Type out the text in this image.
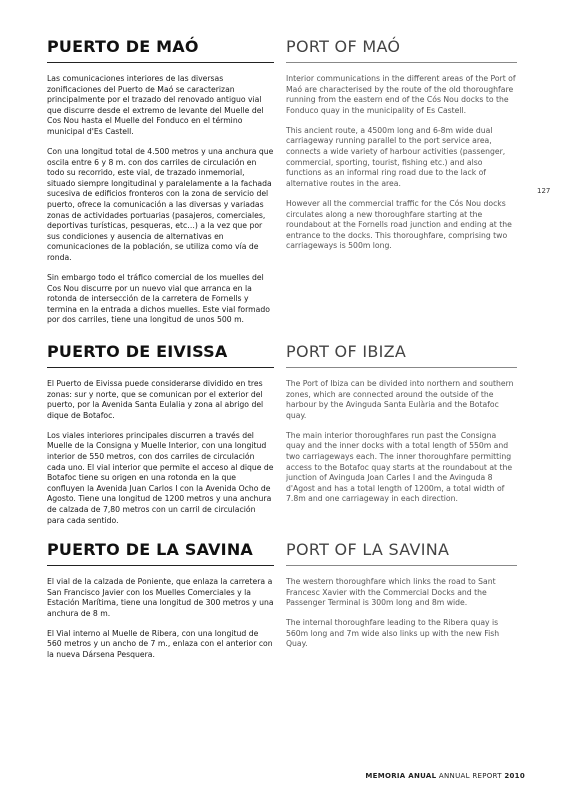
PUERTO DE MAÓ

Las comunicaciones interiores de las diversas zonificaciones del Puerto de Maó se caracterizan principalmente por el trazado del renovado antiguo vial que discurre desde el extremo de levante del Muelle del Cos Nou hasta el Muelle del Fonduco en el término municipal d'Es Castell.

Con una longitud total de 4.500 metros y una anchura que oscila entre 6 y 8 m. con dos carriles de circulación en todo su recorrido, este vial, de trazado inmemorial, situado siempre longitudinal y paralelamente a la fachada sucesiva de edificios fronteros con la zona de servicio del puerto, ofrece la comunicación a las diversas y variadas zonas de actividades portuarias (pasajeros, comerciales, deportivas turísticas, pesqueras, etc…) a la vez que por sus condiciones y ausencia de alternativas en comunicaciones de la población, se utiliza como vía de ronda.

Sin embargo todo el tráfico comercial de los muelles del Cos Nou discurre por un nuevo vial que arranca en la rotonda de intersección de la carretera de Fornells y termina en la entrada a dichos muelles. Este vial formado por dos carriles, tiene una longitud de unos 500 m.

PORT OF MAÓ

Interior communications in the different areas of the Port of Maó are characterised by the route of the old thoroughfare running from the eastern end of the Cós Nou docks to the Fonduco quay in the municipality of Es Castell.

This ancient route, a 4500m long and 6-8m wide dual carriageway running parallel to the port service area, connects a wide variety of harbour activities (passenger, commercial, sporting, tourist, fishing etc.) and also functions as an informal ring road due to the lack of alternative routes in the area.

However all the commercial traffic for the Cós Nou docks circulates along a new thoroughfare starting at the roundabout at the Fornells road junction and ending at the entrance to the docks. This thoroughfare, comprising two carriageways is 500m long.

PUERTO DE EIVISSA

El Puerto de Eivissa puede considerarse dividido en tres zonas: sur y norte, que se comunican por el exterior del puerto, por la Avenida Santa Eulalia y zona al abrigo del dique de Botafoc.

Los viales interiores principales discurren a través del Muelle de la Consigna y Muelle Interior, con una longitud interior de 550 metros, con dos carriles de circulación cada uno. El vial interior que permite el acceso al dique de Botafoc tiene su origen en una rotonda en la que confluyen la Avenida Juan Carlos I con la Avenida Ocho de Agosto. Tiene una longitud de 1200 metros y una anchura de calzada de 7,80 metros con un carril de circulación para cada sentido.

PORT OF IBIZA

The Port of Ibiza can be divided into northern and southern zones, which are connected around the outside of the harbour by the Avinguda Santa Eulària and the Botafoc quay.

The main interior thoroughfares run past the Consigna quay and the inner docks with a total length of 550m and two carriageways each. The inner thoroughfare permitting access to the Botafoc quay starts at the roundabout at the junction of Avinguda Joan Carles I and the Avinguda 8 d'Agost and has a total length of 1200m, a total width of 7.8m and one carriageway in each direction.

PUERTO DE LA SAVINA

El vial de la calzada de Poniente, que enlaza la carretera a San Francisco Javier con los Muelles Comerciales y la Estación Marítima, tiene una longitud de 300 metros y una anchura de 8 m.

El Vial interno al Muelle de Ribera, con una longitud de 560 metros y un ancho de 7 m., enlaza con el anterior con la nueva Dársena Pesquera.

PORT OF LA SAVINA

The western thoroughfare which links the road to Sant Francesc Xavier with the Commercial Docks and the Passenger Terminal is 300m long and 8m wide.

The internal thoroughfare leading to the Ribera quay is 560m long and 7m wide also links up with the new Fish Quay.

127
MEMORIA ANUAL ANNUAL REPORT 2010
